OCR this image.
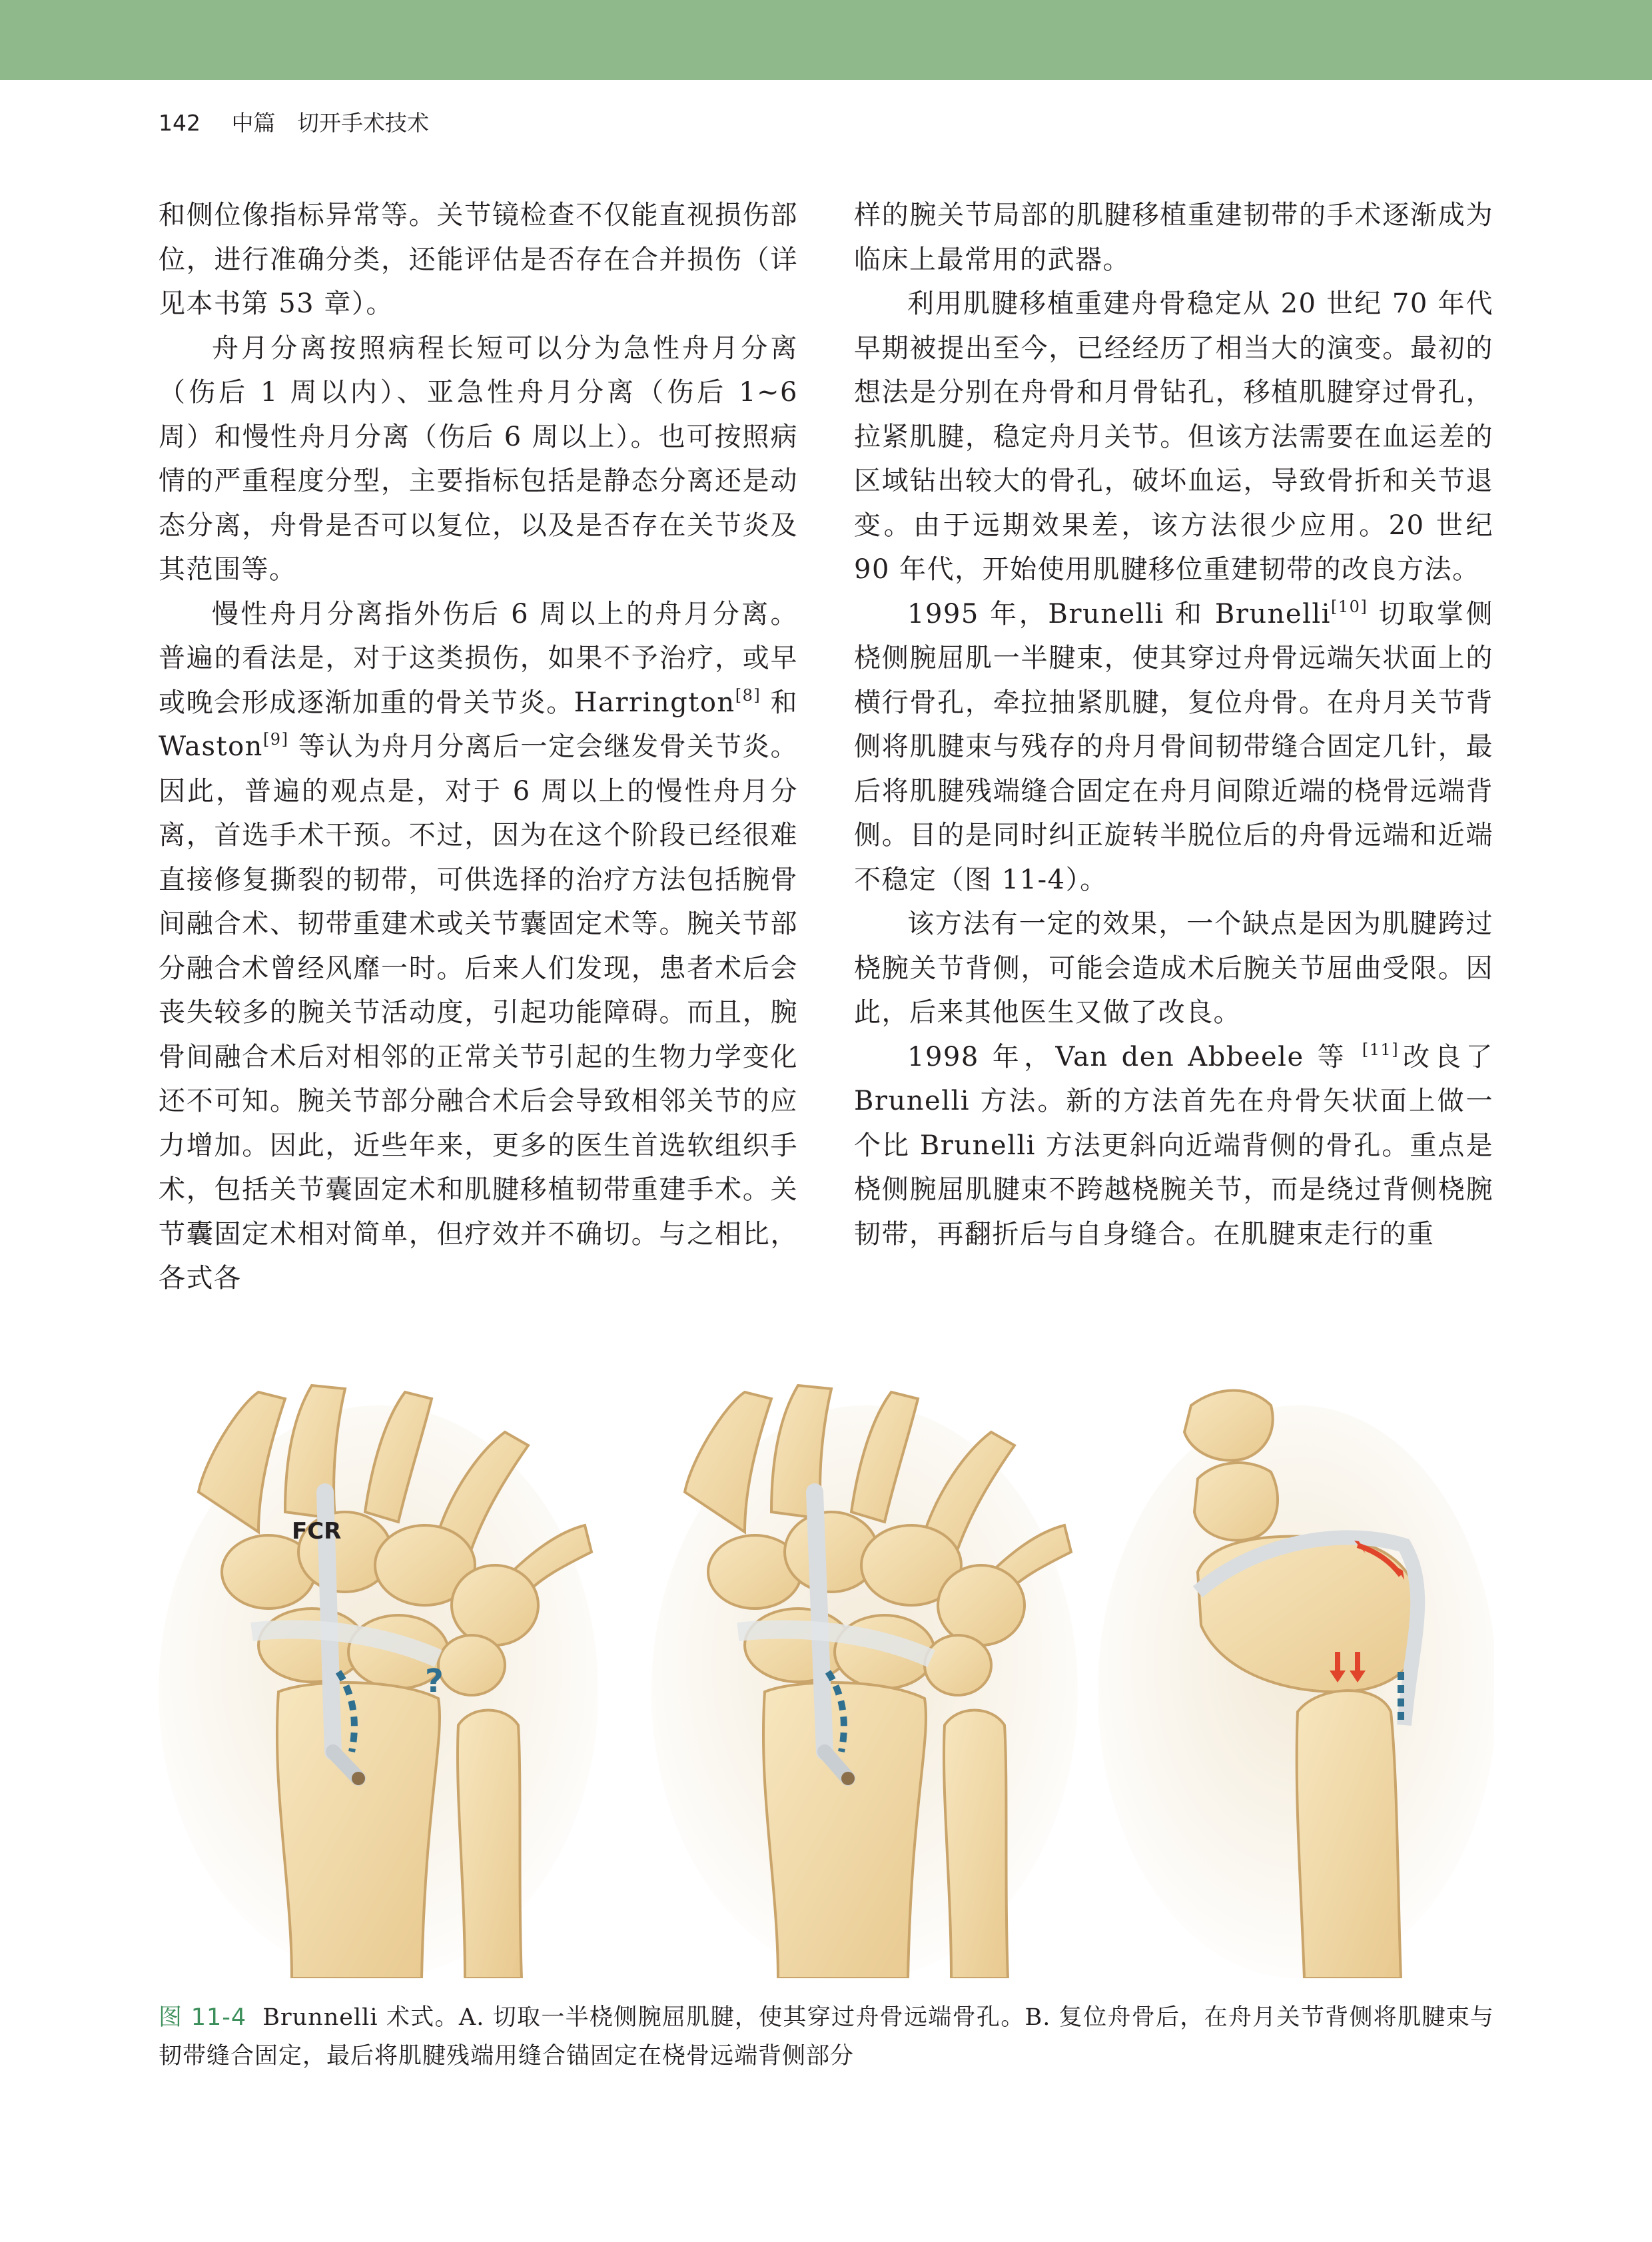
142 中篇 切开手术技术

和侧位像指标异常等。关节镜检查不仅能直视损伤部位，进行准确分类，还能评估是否存在合并损伤（详见本书第 53 章）。

舟月分离按照病程长短可以分为急性舟月分离（伤后 1 周以内）、亚急性舟月分离（伤后 1~6 周）和慢性舟月分离（伤后 6 周以上）。也可按照病情的严重程度分型，主要指标包括是静态分离还是动态分离，舟骨是否可以复位，以及是否存在关节炎及其范围等。

慢性舟月分离指外伤后 6 周以上的舟月分离。普遍的看法是，对于这类损伤，如果不予治疗，或早或晚会形成逐渐加重的骨关节炎。Harrington[8] 和 Waston[9] 等认为舟月分离后一定会继发骨关节炎。因此，普遍的观点是，对于 6 周以上的慢性舟月分离，首选手术干预。不过，因为在这个阶段已经很难直接修复撕裂的韧带，可供选择的治疗方法包括腕骨间融合术、韧带重建术或关节囊固定术等。腕关节部分融合术曾经风靡一时。后来人们发现，患者术后会丧失较多的腕关节活动度，引起功能障碍。而且，腕骨间融合术后对相邻的正常关节引起的生物力学变化还不可知。腕关节部分融合术后会导致相邻关节的应力增加。因此，近些年来，更多的医生首选软组织手术，包括关节囊固定术和肌腱移植韧带重建手术。关节囊固定术相对简单，但疗效并不确切。与之相比，各式各

样的腕关节局部的肌腱移植重建韧带的手术逐渐成为临床上最常用的武器。

利用肌腱移植重建舟骨稳定从 20 世纪 70 年代早期被提出至今，已经经历了相当大的演变。最初的想法是分别在舟骨和月骨钻孔，移植肌腱穿过骨孔，拉紧肌腱，稳定舟月关节。但该方法需要在血运差的区域钻出较大的骨孔，破坏血运，导致骨折和关节退变。由于远期效果差，该方法很少应用。20 世纪 90 年代，开始使用肌腱移位重建韧带的改良方法。

1995 年，Brunelli 和 Brunelli[10] 切取掌侧桡侧腕屈肌一半腱束，使其穿过舟骨远端矢状面上的横行骨孔，牵拉抽紧肌腱，复位舟骨。在舟月关节背侧将肌腱束与残存的舟月骨间韧带缝合固定几针，最后将肌腱残端缝合固定在舟月间隙近端的桡骨远端背侧。目的是同时纠正旋转半脱位后的舟骨远端和近端不稳定（图 11-4）。

该方法有一定的效果，一个缺点是因为肌腱跨过桡腕关节背侧，可能会造成术后腕关节屈曲受限。因此，后来其他医生又做了改良。

1998 年，Van den Abbeele 等 [11]改良了 Brunelli 方法。新的方法首先在舟骨矢状面上做一个比 Brunelli 方法更斜向近端背侧的骨孔。重点是桡侧腕屈肌腱束不跨越桡腕关节，而是绕过背侧桡腕韧带，再翻折后与自身缝合。在肌腱束走行的重

FCR
?
图 11-4 Brunnelli 术式。A. 切取一半桡侧腕屈肌腱，使其穿过舟骨远端骨孔。B. 复位舟骨后，在舟月关节背侧将肌腱束与韧带缝合固定，最后将肌腱残端用缝合锚固定在桡骨远端背侧部分
